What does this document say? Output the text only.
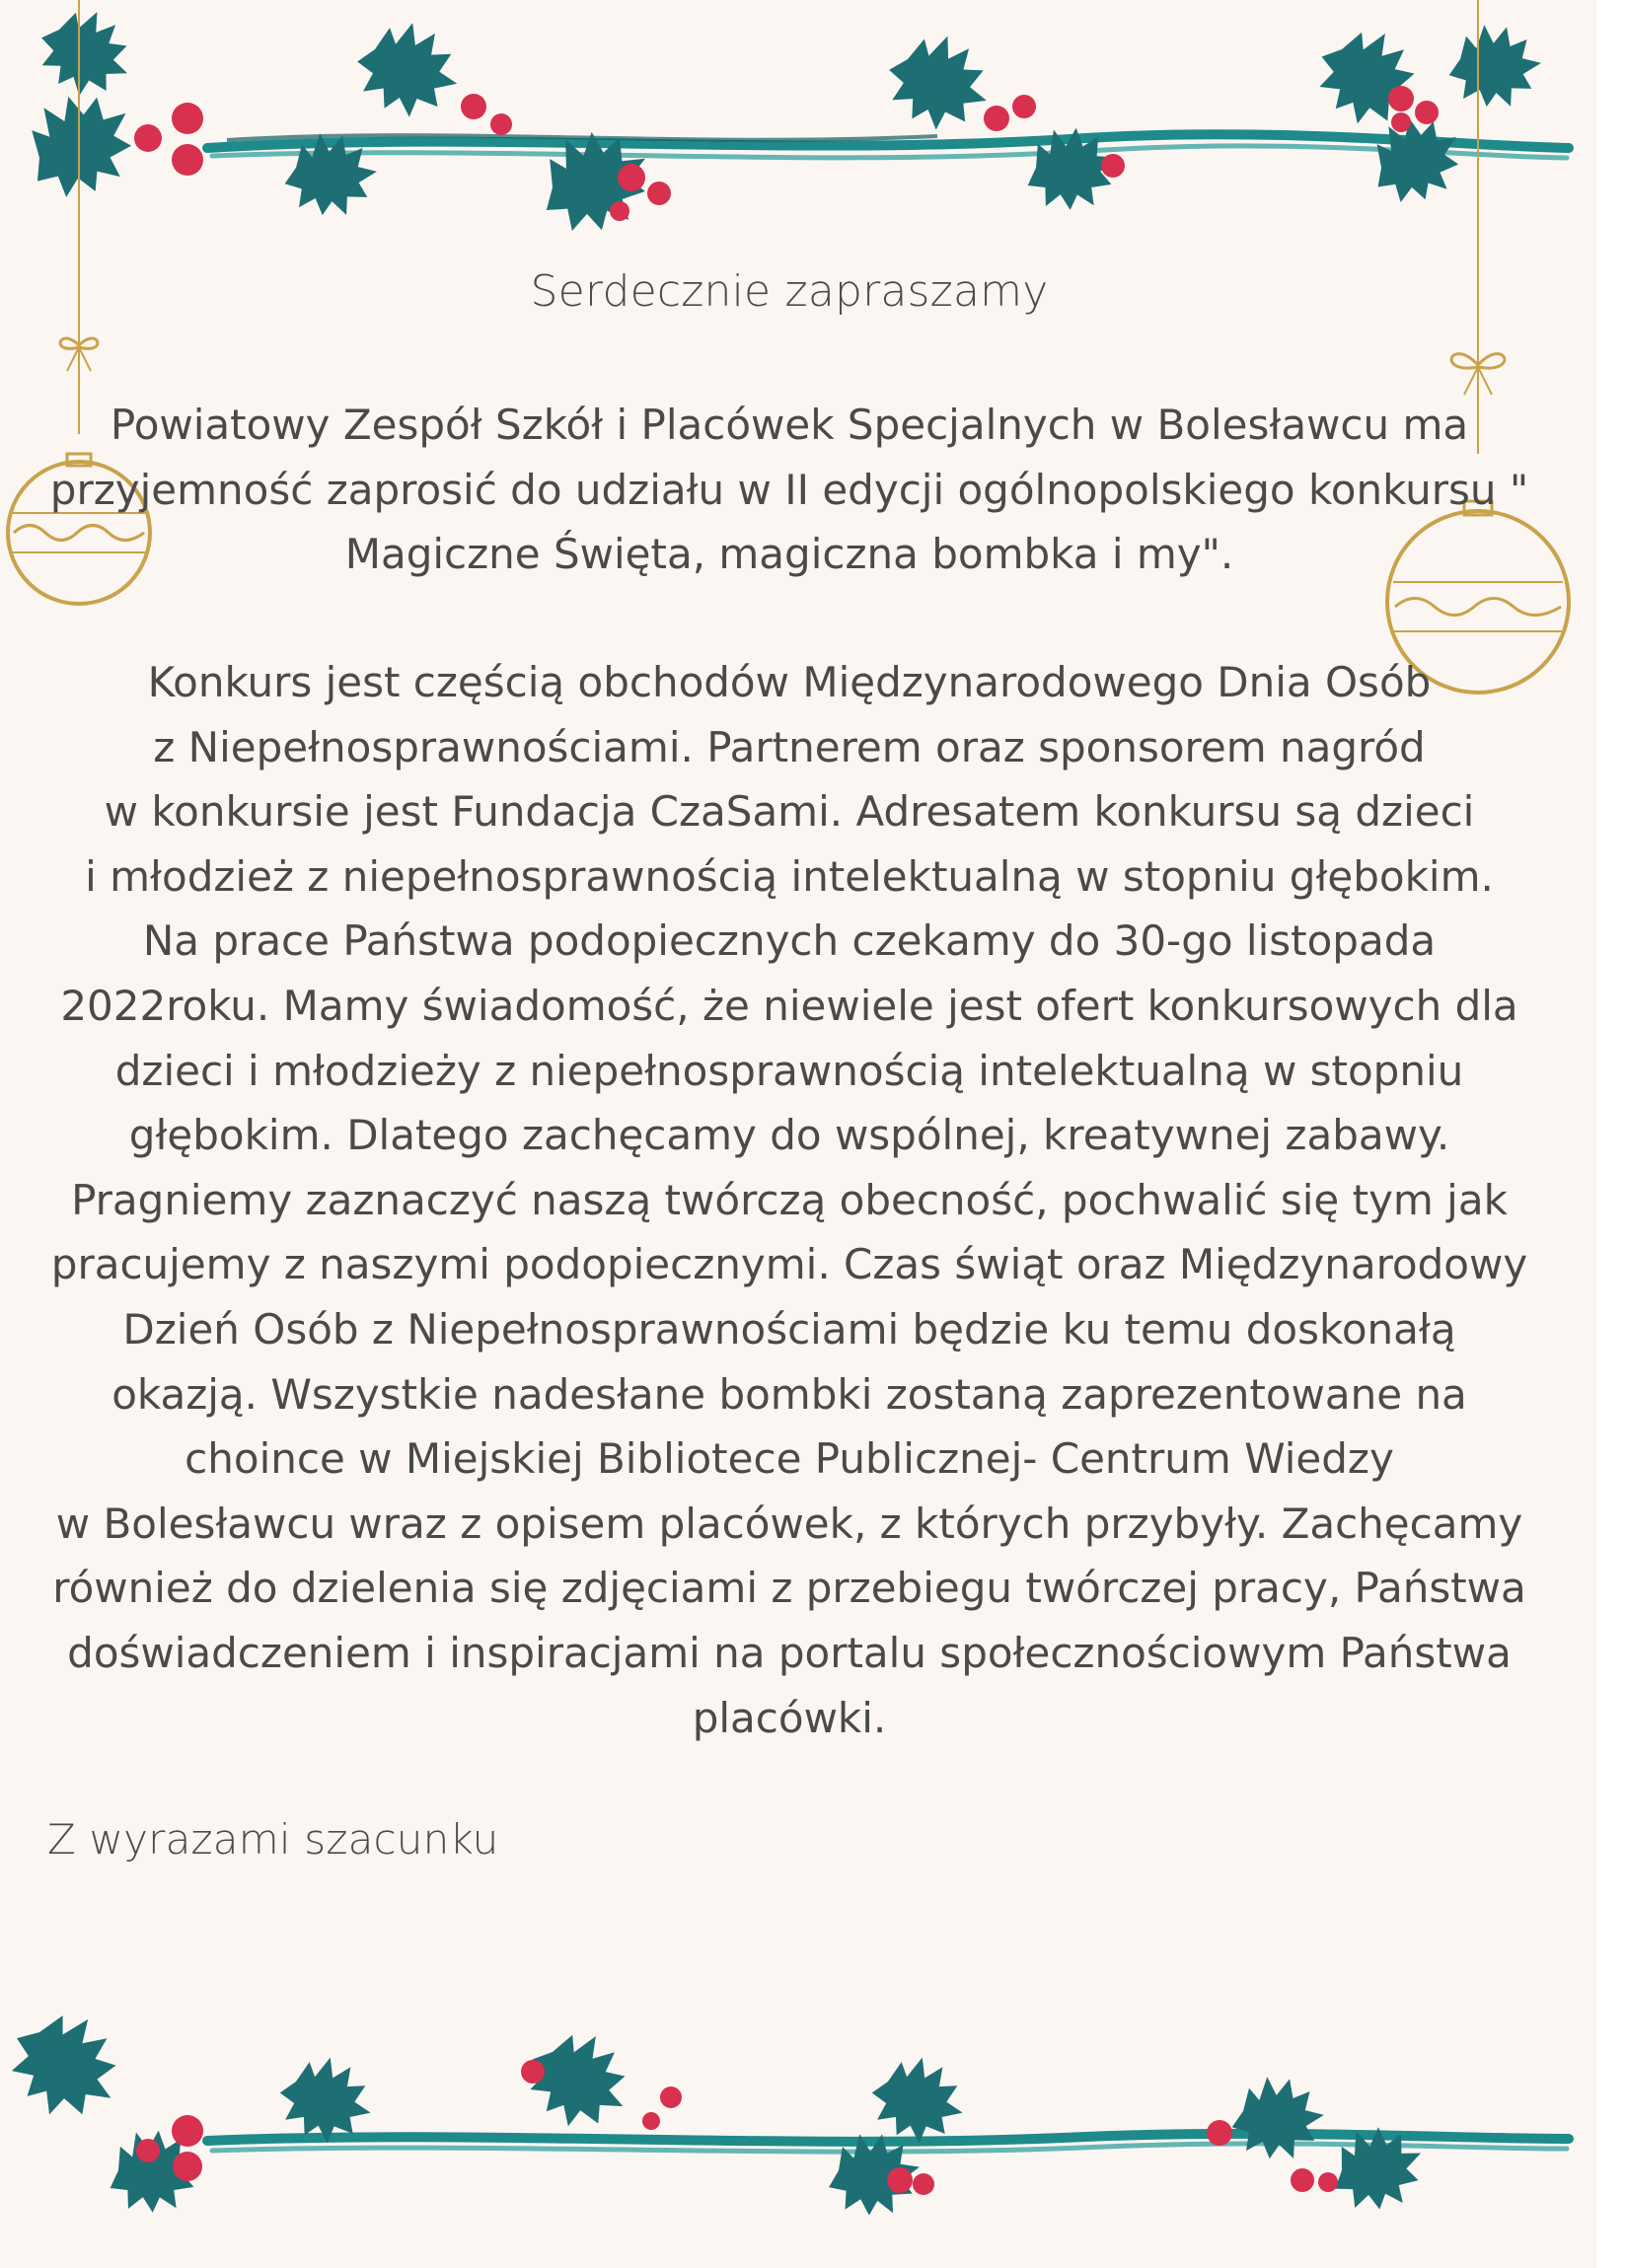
Serdecznie zapraszamy
Powiatowy Zespół Szkół i Placówek Specjalnych w Bolesławcu ma
przyjemność zaprosić do udziału w II edycji ogólnopolskiego konkursu "
Magiczne Święta, magiczna bombka i my".
Konkurs jest częścią obchodów Międzynarodowego Dnia Osób
z Niepełnosprawnościami. Partnerem oraz sponsorem nagród
w konkursie jest Fundacja CzaSami. Adresatem konkursu są dzieci
i młodzież z niepełnosprawnością intelektualną w stopniu głębokim.
Na prace Państwa podopiecznych czekamy do 30-go listopada
2022roku. Mamy świadomość, że niewiele jest ofert konkursowych dla
dzieci i młodzieży z niepełnosprawnością intelektualną w stopniu
głębokim. Dlatego zachęcamy do wspólnej, kreatywnej zabawy.
Pragniemy zaznaczyć naszą twórczą obecność, pochwalić się tym jak
pracujemy z naszymi podopiecznymi. Czas świąt oraz Międzynarodowy
Dzień Osób z Niepełnosprawnościami będzie ku temu doskonałą
okazją. Wszystkie nadesłane bombki zostaną zaprezentowane na
choince w Miejskiej Bibliotece Publicznej- Centrum Wiedzy
w Bolesławcu wraz z opisem placówek, z których przybyły. Zachęcamy
również do dzielenia się zdjęciami z przebiegu twórczej pracy, Państwa
doświadczeniem i inspiracjami na portalu społecznościowym Państwa
placówki.
Z wyrazami szacunku
